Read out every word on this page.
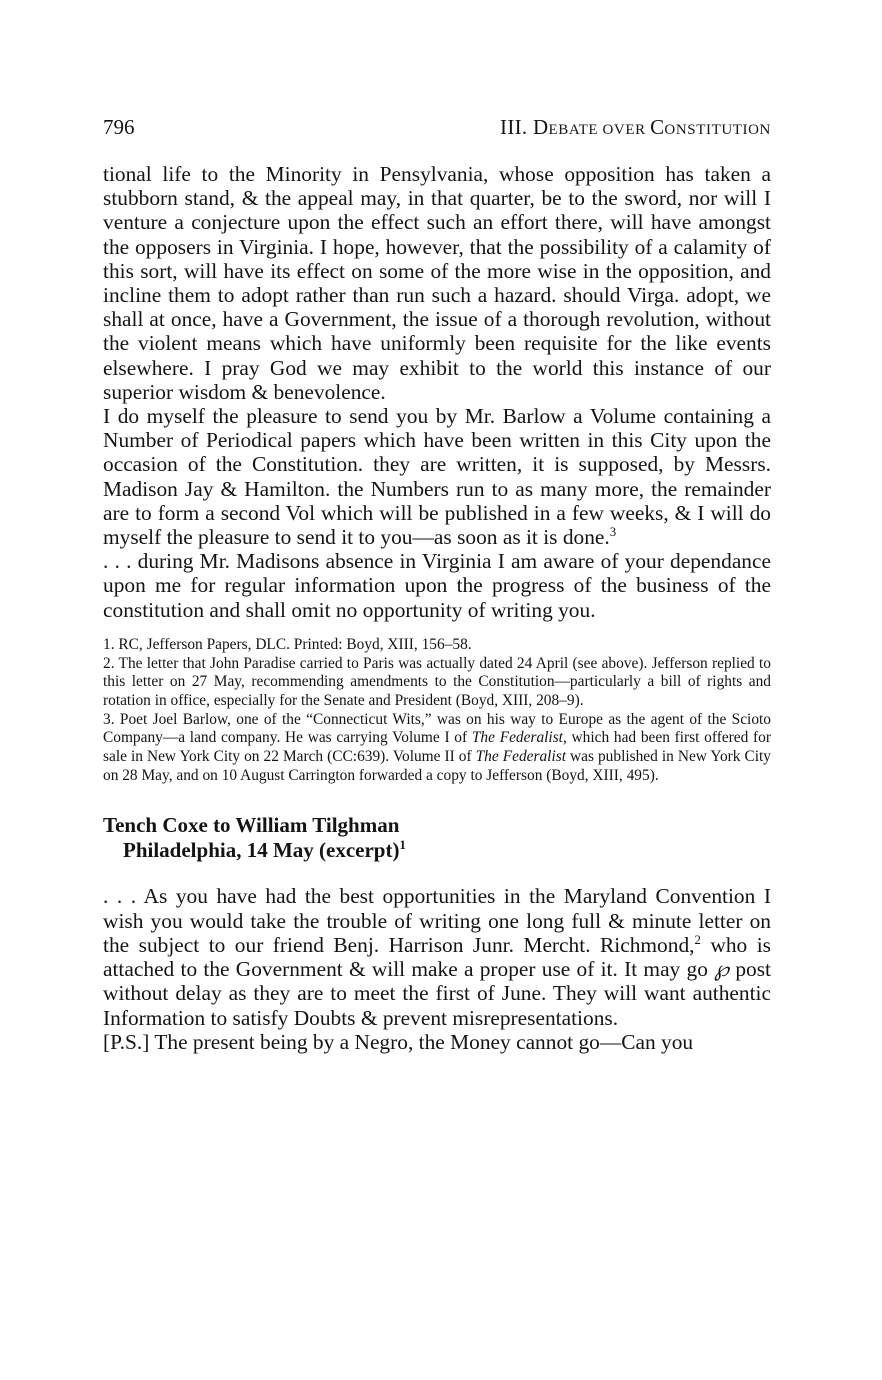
796	III. DEBATE OVER CONSTITUTION

tional life to the Minority in Pensylvania, whose opposition has taken a stubborn stand, & the appeal may, in that quarter, be to the sword, nor will I venture a conjecture upon the effect such an effort there, will have amongst the opposers in Virginia. I hope, however, that the possibility of a calamity of this sort, will have its effect on some of the more wise in the opposition, and incline them to adopt rather than run such a hazard. should Virga. adopt, we shall at once, have a Government, the issue of a thorough revolution, without the violent means which have uniformly been requisite for the like events elsewhere. I pray God we may exhibit to the world this instance of our superior wisdom & benevolence.

I do myself the pleasure to send you by Mr. Barlow a Volume containing a Number of Periodical papers which have been written in this City upon the occasion of the Constitution. they are written, it is supposed, by Messrs. Madison Jay & Hamilton. the Numbers run to as many more, the remainder are to form a second Vol which will be published in a few weeks, & I will do myself the pleasure to send it to you—as soon as it is done.$^3$

. . . during Mr. Madisons absence in Virginia I am aware of your dependance upon me for regular information upon the progress of the business of the constitution and shall omit no opportunity of writing you.

1. RC, Jefferson Papers, DLC. Printed: Boyd, XIII, 156–58.

2. The letter that John Paradise carried to Paris was actually dated 24 April (see above). Jefferson replied to this letter on 27 May, recommending amendments to the Constitution—particularly a bill of rights and rotation in office, especially for the Senate and President (Boyd, XIII, 208–9).

3. Poet Joel Barlow, one of the “Connecticut Wits,” was on his way to Europe as the agent of the Scioto Company—a land company. He was carrying Volume I of The Federalist, which had been first offered for sale in New York City on 22 March (CC:639). Volume II of The Federalist was published in New York City on 28 May, and on 10 August Carrington forwarded a copy to Jefferson (Boyd, XIII, 495).

Tench Coxe to William Tilghman
Philadelphia, 14 May (excerpt)$^1$

. . . As you have had the best opportunities in the Maryland Convention I wish you would take the trouble of writing one long full & minute letter on the subject to our friend Benj. Harrison Junr. Mercht. Richmond,$^2$ who is attached to the Government & will make a proper use of it. It may go ℘ post without delay as they are to meet the first of June. They will want authentic Information to satisfy Doubts & prevent misrepresentations.

[P.S.] The present being by a Negro, the Money cannot go—Can you
